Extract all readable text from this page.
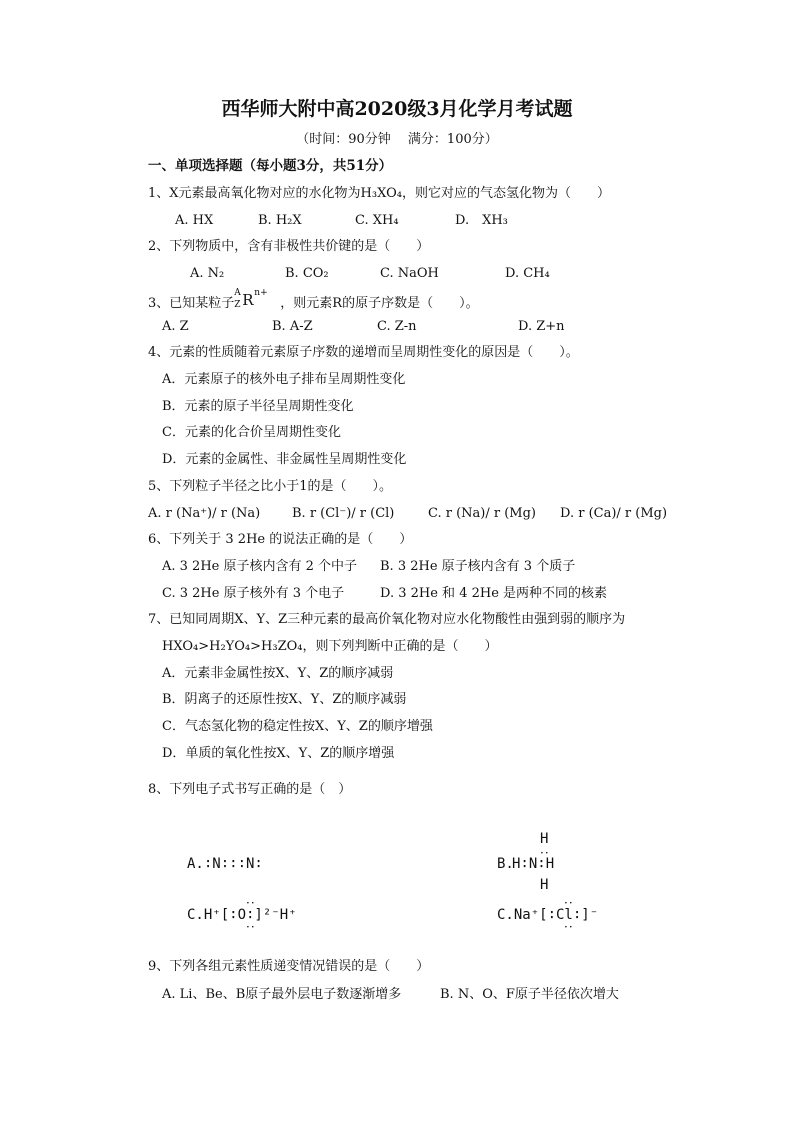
西华师大附中高2020级3月化学月考试题
（时间：90分钟　 满分：100分）
一、单项选择题（每小题3分，共51分）
1、X元素最高氧化物对应的水化物为H₃XO₄，则它对应的气态氢化物为（　　）
A. HX	B. H₂X	C. XH₄	D.　XH₃
2、下列物质中，含有非极性共价键的是（　　）
A. N₂	B. CO₂	C. NaOH	D. CH₄
3、已知某粒子
A
Z R n+
，则元素R的原子序数是（　　）。
A. Z	B. A-Z	C. Z-n	D. Z+n
4、元素的性质随着元素原子序数的递增而呈周期性变化的原因是（　　）。
A．元素原子的核外电子排布呈周期性变化
B．元素的原子半径呈周期性变化
C．元素的化合价呈周期性变化
D．元素的金属性、非金属性呈周期性变化
5、下列粒子半径之比小于1的是（　　）。
A. r (Na⁺)/ r (Na) B. r (Cl⁻)/ r (Cl)	C. r (Na)/ r (Mg) D. r (Ca)/ r (Mg)
6、下列关于 3 2He 的说法正确的是（　　）
A. 3 2He 原子核内含有 2 个中子 B. 3 2He 原子核内含有 3 个质子
C. 3 2He 原子核外有 3 个电子	D. 3 2He 和 4 2He 是两种不同的核素
7、已知同周期X、Y、Z三种元素的最高价氧化物对应水化物酸性由强到弱的顺序为
HXO₄>H₂YO₄>H₃ZO₄，则下列判断中正确的是（　　）
A．元素非金属性按X、Y、Z的顺序减弱
B．阴离子的还原性按X、Y、Z的顺序减弱
C．气态氢化物的稳定性按X、Y、Z的顺序增强
D．单质的氧化性按X、Y、Z的顺序增强
8、下列电子式书写正确的是（　）
A.∶N∶∶∶N∶
H
B.
H∶N∶H
H
··
··
C.H⁺[∶O∶]²⁻H⁺
··
··
C.Na⁺[∶Cl∶]⁻
··
9、下列各组元素性质递变情况错误的是（　　）
A. Li、Be、B原子最外层电子数逐渐增多	B. N、O、F原子半径依次增大
